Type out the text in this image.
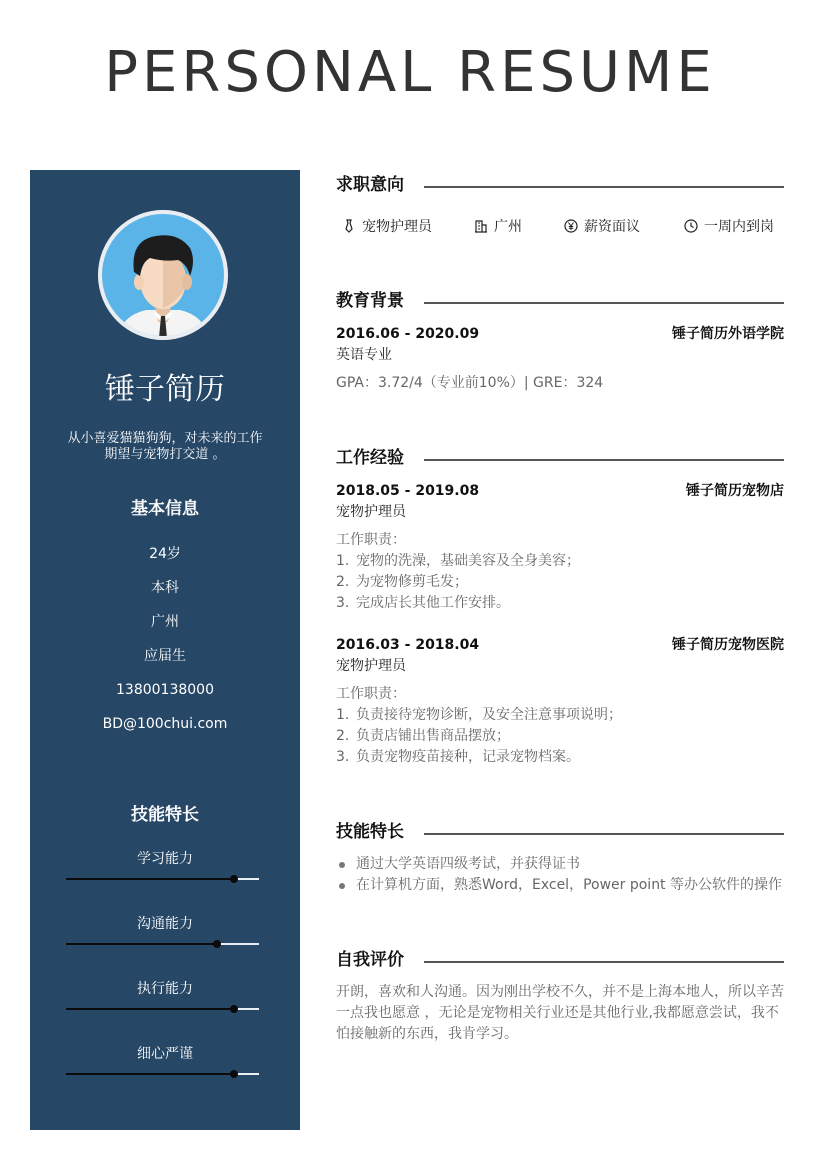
PERSONAL RESUME
锤子简历
从小喜爱猫猫狗狗，对未来的工作期望与宠物打交道 。
基本信息
24岁
本科
广州
应届生
13800138000
BD@100chui.com
技能特长
学习能力
沟通能力
执行能力
细心严谨
求职意向
宠物护理员	广州	薪资面议	一周内到岗
教育背景
2016.06 - 2020.09	锤子简历外语学院
英语专业
GPA：3.72/4（专业前10%）| GRE：324
工作经验
2018.05 - 2019.08	锤子简历宠物店
宠物护理员
工作职责：
1. 宠物的洗澡，基础美容及全身美容；
2. 为宠物修剪毛发；
3. 完成店长其他工作安排。
2016.03 - 2018.04	锤子简历宠物医院
宠物护理员
工作职责：
1. 负责接待宠物诊断，及安全注意事项说明；
2. 负责店铺出售商品摆放；
3. 负责宠物疫苗接种，记录宠物档案。
技能特长
通过大学英语四级考试，并获得证书
在计算机方面，熟悉Word，Excel，Power point 等办公软件的操作
自我评价
开朗，喜欢和人沟通。因为刚出学校不久，并不是上海本地人，所以辛苦一点我也愿意 ，无论是宠物相关行业还是其他行业,我都愿意尝试，我不怕接触新的东西，我肯学习。
